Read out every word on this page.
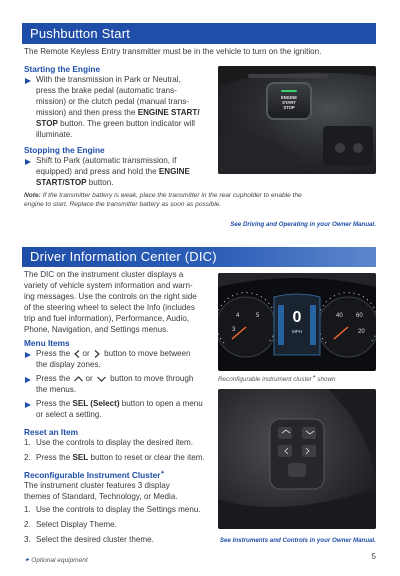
Pushbutton Start

The Remote Keyless Entry transmitter must be in the vehicle to turn on the ignition.

Starting the Engine

With the transmission in Park or Neutral,
press the brake pedal (automatic trans-
mission) or the clutch pedal (manual trans-
mission) and then press the ENGINE START/
STOP button. The green button indicator will
illuminate.

Stopping the Engine

Shift to Park (automatic transmission, if
equipped) and press and hold the ENGINE
START/STOP button.
ENGINE
START
STOP
Note: If the transmitter battery is weak, place the transmitter in the rear cupholder to enable the
engine to start. Replace the transmitter battery as soon as possible.
See Driving and Operating in your Owner Manual.
Driver Information Center (DIC)
The DIC on the instrument cluster displays a
variety of vehicle system information and warn-
ing messages. Use the controls on the right side
of the steering wheel to select the Info (includes
trip and fuel information), Performance, Audio,
Phone, Navigation, and Settings menus.

Menu Items

Press the or button to move between
the display zones.
Press the or button to move through
the menus.
Press the SEL (Select) button to open a menu
or select a setting.

Reset an Item

1. Use the controls to display the desired item.
2. Press the SEL button to reset or clear the item.

Reconfigurable Instrument Cluster✦

The instrument cluster features 3 display
themes of Standard, Technology, or Media.
1. Use the controls to display the Settings menu.
2. Select Display Theme.
3. Select the desired cluster theme.
4
3
5	40 60
20
0
MPH
Reconfigurable instrument cluster✦ shown
See Instruments and Controls in your Owner Manual.
✦ Optional equipment	5
